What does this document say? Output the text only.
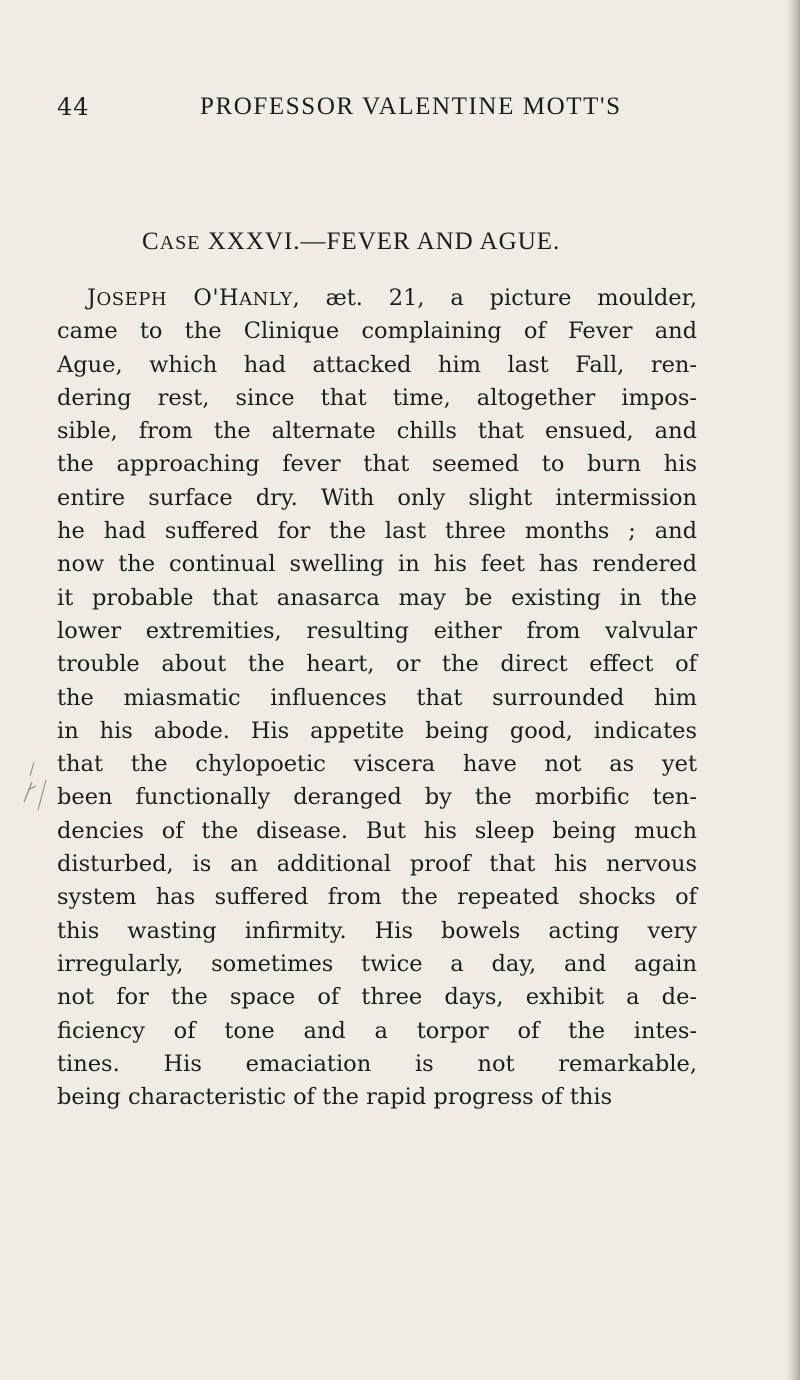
44	PROFESSOR VALENTINE MOTT'S
CASE XXXVI.—FEVER AND AGUE.
JOSEPH O'HANLY, æt. 21, a picture moulder,
came to the Clinique complaining of Fever and
Ague, which had attacked him last Fall, ren-
dering rest, since that time, altogether impos-
sible, from the alternate chills that ensued, and
the approaching fever that seemed to burn his
entire surface dry. With only slight intermission
he had suffered for the last three months ; and
now the continual swelling in his feet has rendered
it probable that anasarca may be existing in the
lower extremities, resulting either from valvular
trouble about the heart, or the direct effect of
the miasmatic influences that surrounded him
in his abode. His appetite being good, indicates
that the chylopoetic viscera have not as yet
been functionally deranged by the morbific ten-
dencies of the disease. But his sleep being much
disturbed, is an additional proof that his nervous
system has suffered from the repeated shocks of
this wasting infirmity. His bowels acting very
irregularly, sometimes twice a day, and again
not for the space of three days, exhibit a de-
ficiency of tone and a torpor of the intes-
tines. His emaciation is not remarkable,
being characteristic of the rapid progress of this
